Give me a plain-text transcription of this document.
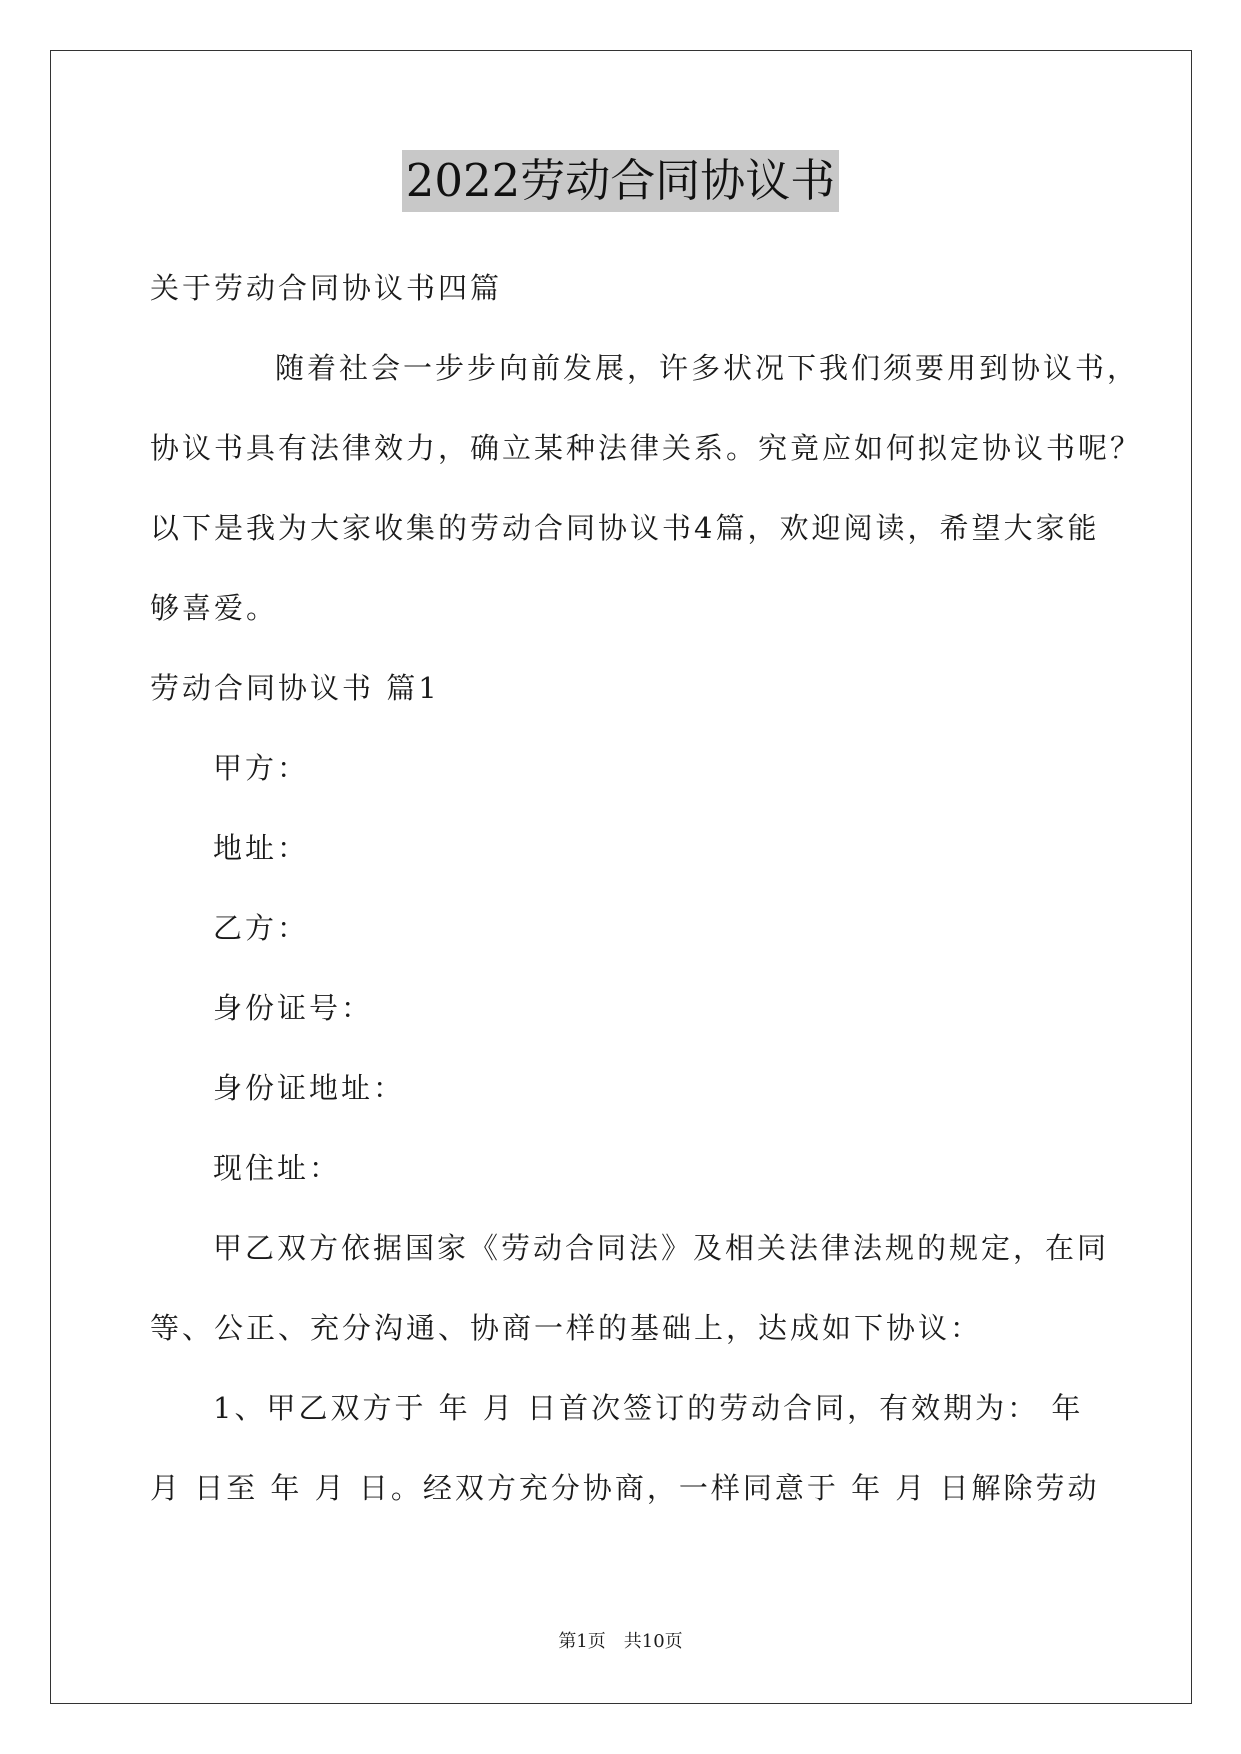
2022劳动合同协议书
关于劳动合同协议书四篇
随着社会一步步向前发展，许多状况下我们须要用到协议书，
协议书具有法律效力，确立某种法律关系。究竟应如何拟定协议书呢？
以下是我为大家收集的劳动合同协议书4篇，欢迎阅读，希望大家能
够喜爱。
劳动合同协议书 篇1
甲方：
地址：
乙方：
身份证号：
身份证地址：
现住址：
甲乙双方依据国家《劳动合同法》及相关法律法规的规定，在同
等、公正、充分沟通、协商一样的基础上，达成如下协议：
1、甲乙双方于 年 月 日首次签订的劳动合同，有效期为： 年
月 日至 年 月 日。经双方充分协商，一样同意于 年 月 日解除劳动
第1页　共10页
